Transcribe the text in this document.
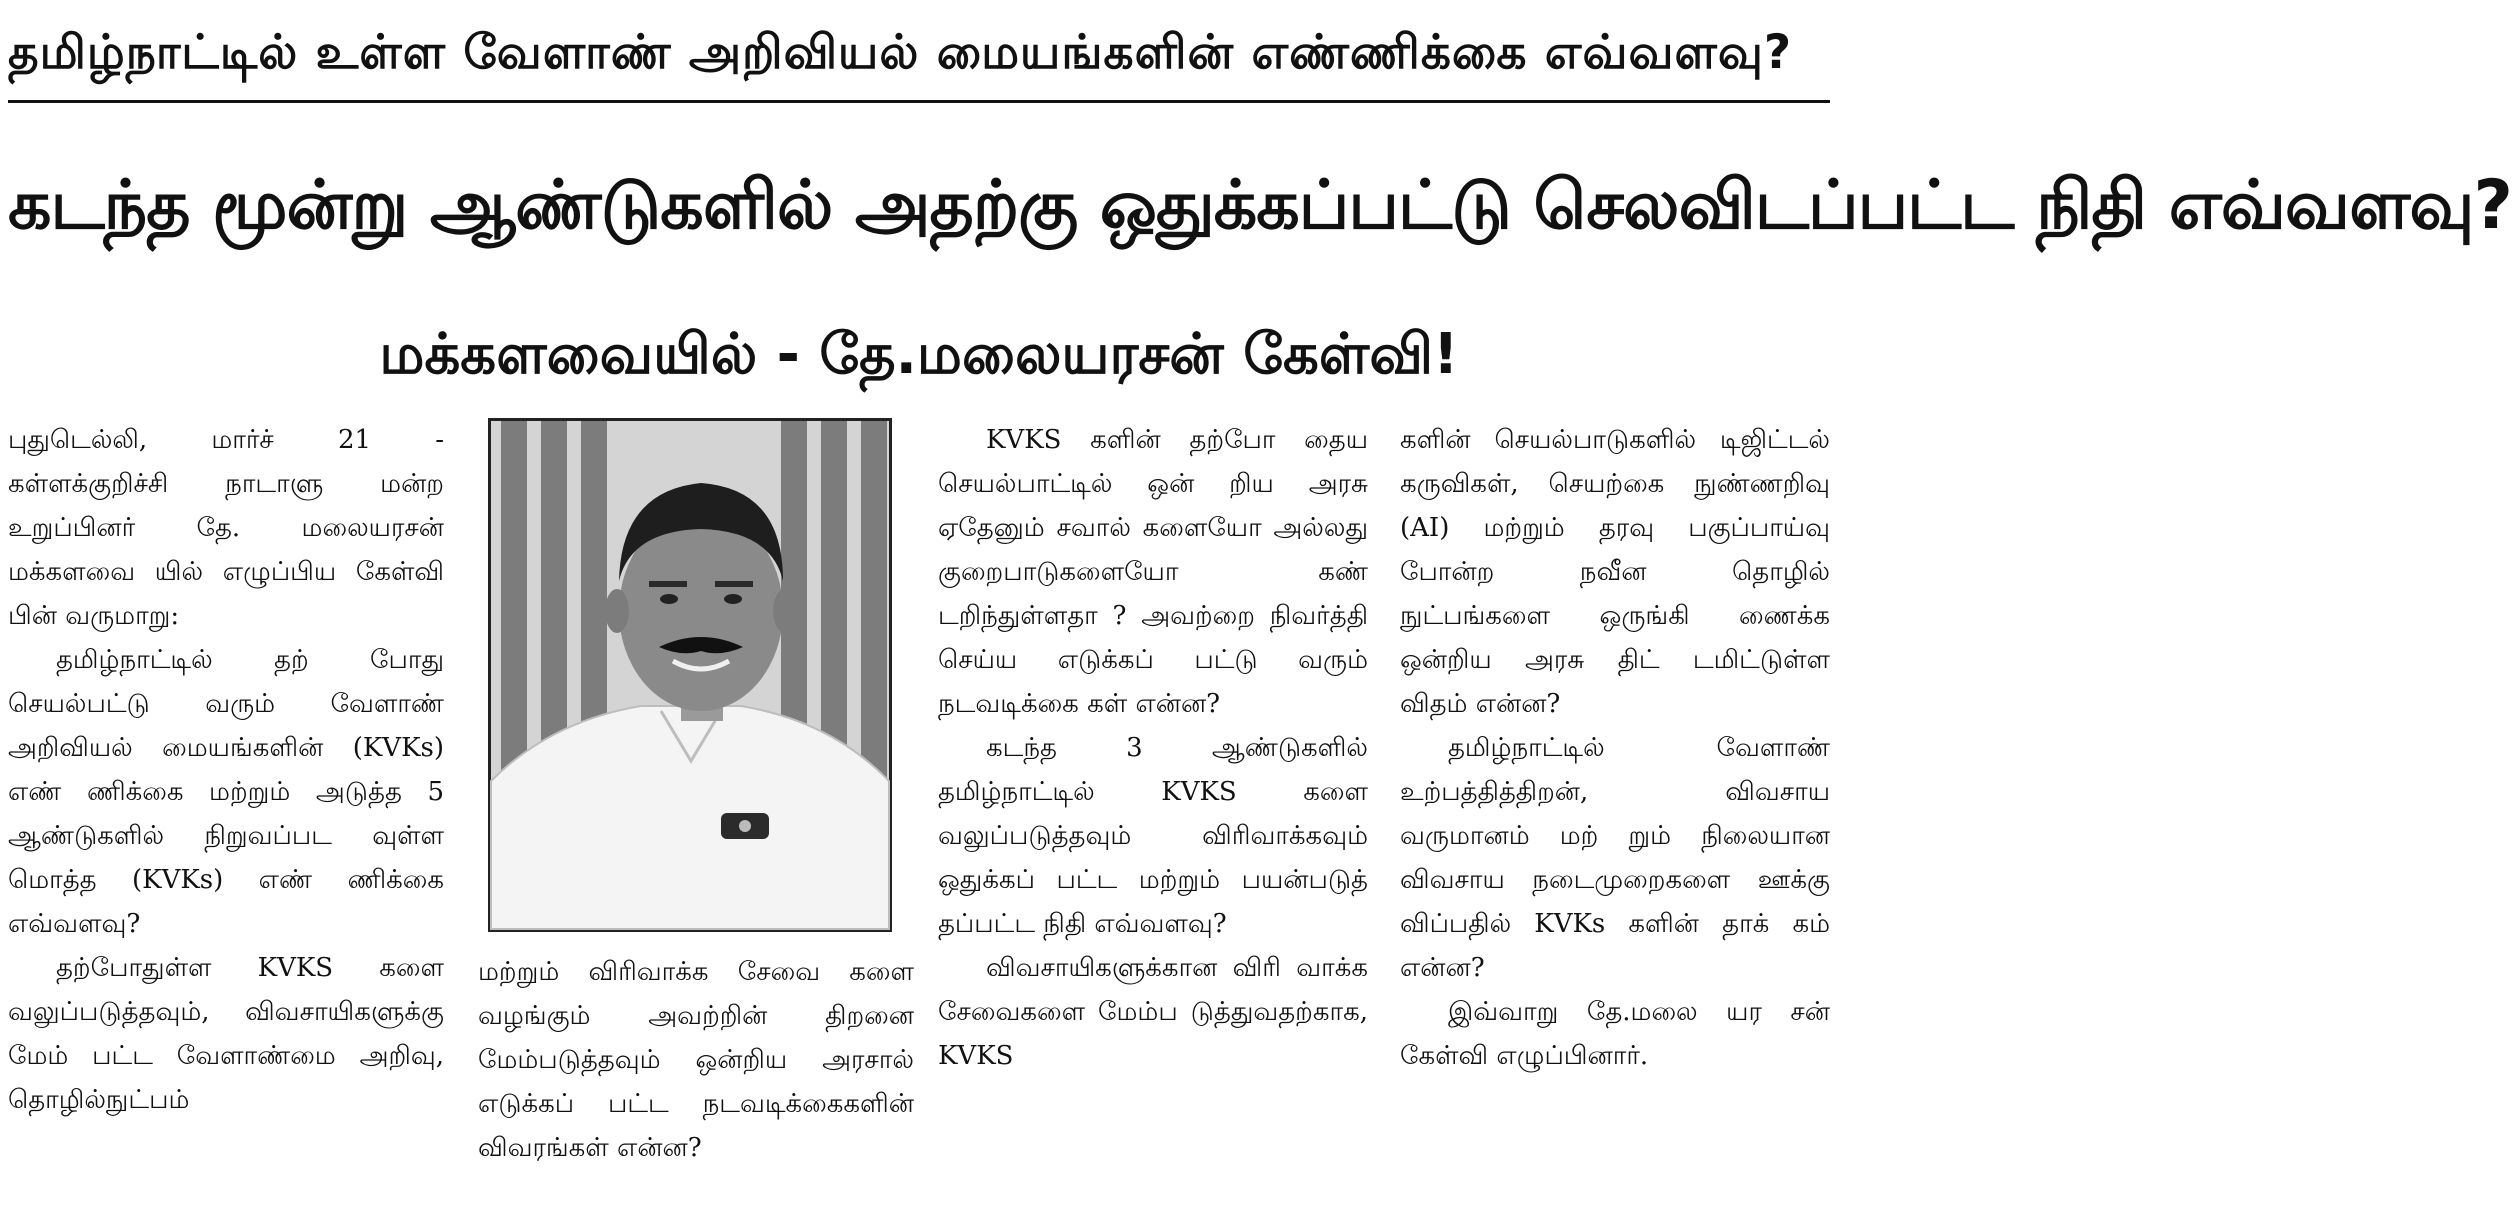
தமிழ்நாட்டில் உள்ள வேளாண் அறிவியல் மையங்களின் எண்ணிக்கை எவ்வளவு?
கடந்த மூன்று ஆண்டுகளில் அதற்கு ஒதுக்கப்பட்டு செலவிடப்பட்ட நிதி எவ்வளவு?
மக்களவையில் - தே.மலையரசன் கேள்வி!

புதுடெல்லி, மார்ச் 21 - கள்ளக்குறிச்சி நாடாளு மன்ற உறுப்பினர் தே. மலையரசன் மக்களவை யில் எழுப்பிய கேள்வி பின் வருமாறு:

தமிழ்நாட்டில் தற் போது செயல்பட்டு வரும் வேளாண் அறிவியல் மையங்களின் (KVKs) எண் ணிக்கை மற்றும் அடுத்த 5 ஆண்டுகளில் நிறுவப்பட வுள்ள மொத்த (KVKs) எண் ணிக்கை எவ்வளவு?

தற்போதுள்ள KVKS களை வலுப்படுத்தவும், விவசாயிகளுக்கு மேம் பட்ட வேளாண்மை அறிவு, தொழில்நுட்பம்

மற்றும் விரிவாக்க சேவை களை வழங்கும் அவற்றின் திறனை மேம்படுத்தவும் ஒன்றிய அரசால் எடுக்கப் பட்ட நடவடிக்கைகளின் விவரங்கள் என்ன?

KVKS களின் தற்போ தைய செயல்பாட்டில் ஒன் றிய அரசு ஏதேனும் சவால் களையோ அல்லது குறைபாடுகளையோ கண் டறிந்துள்ளதா ? அவற்றை நிவர்த்தி செய்ய எடுக்கப் பட்டு வரும் நடவடிக்கை கள் என்ன?

கடந்த 3 ஆண்டுகளில் தமிழ்நாட்டில் KVKS களை வலுப்படுத்தவும் விரிவாக்கவும் ஒதுக்கப் பட்ட மற்றும் பயன்படுத் தப்பட்ட நிதி எவ்வளவு?

விவசாயிகளுக்கான விரி வாக்க சேவைகளை மேம்ப டுத்துவதற்காக, KVKS

களின் செயல்பாடுகளில் டிஜிட்டல் கருவிகள், செயற்கை நுண்ணறிவு (AI) மற்றும் தரவு பகுப்பாய்வு போன்ற நவீன தொழில் நுட்பங்களை ஒருங்கி ணைக்க ஒன்றிய அரசு திட் டமிட்டுள்ள விதம் என்ன?

தமிழ்நாட்டில் வேளாண் உற்பத்தித்திறன், விவசாய வருமானம் மற் றும் நிலையான விவசாய நடைமுறைகளை ஊக்கு விப்பதில் KVKs களின் தாக் கம் என்ன?

இவ்வாறு தே.மலை யர சன் கேள்வி எழுப்பினார்.
